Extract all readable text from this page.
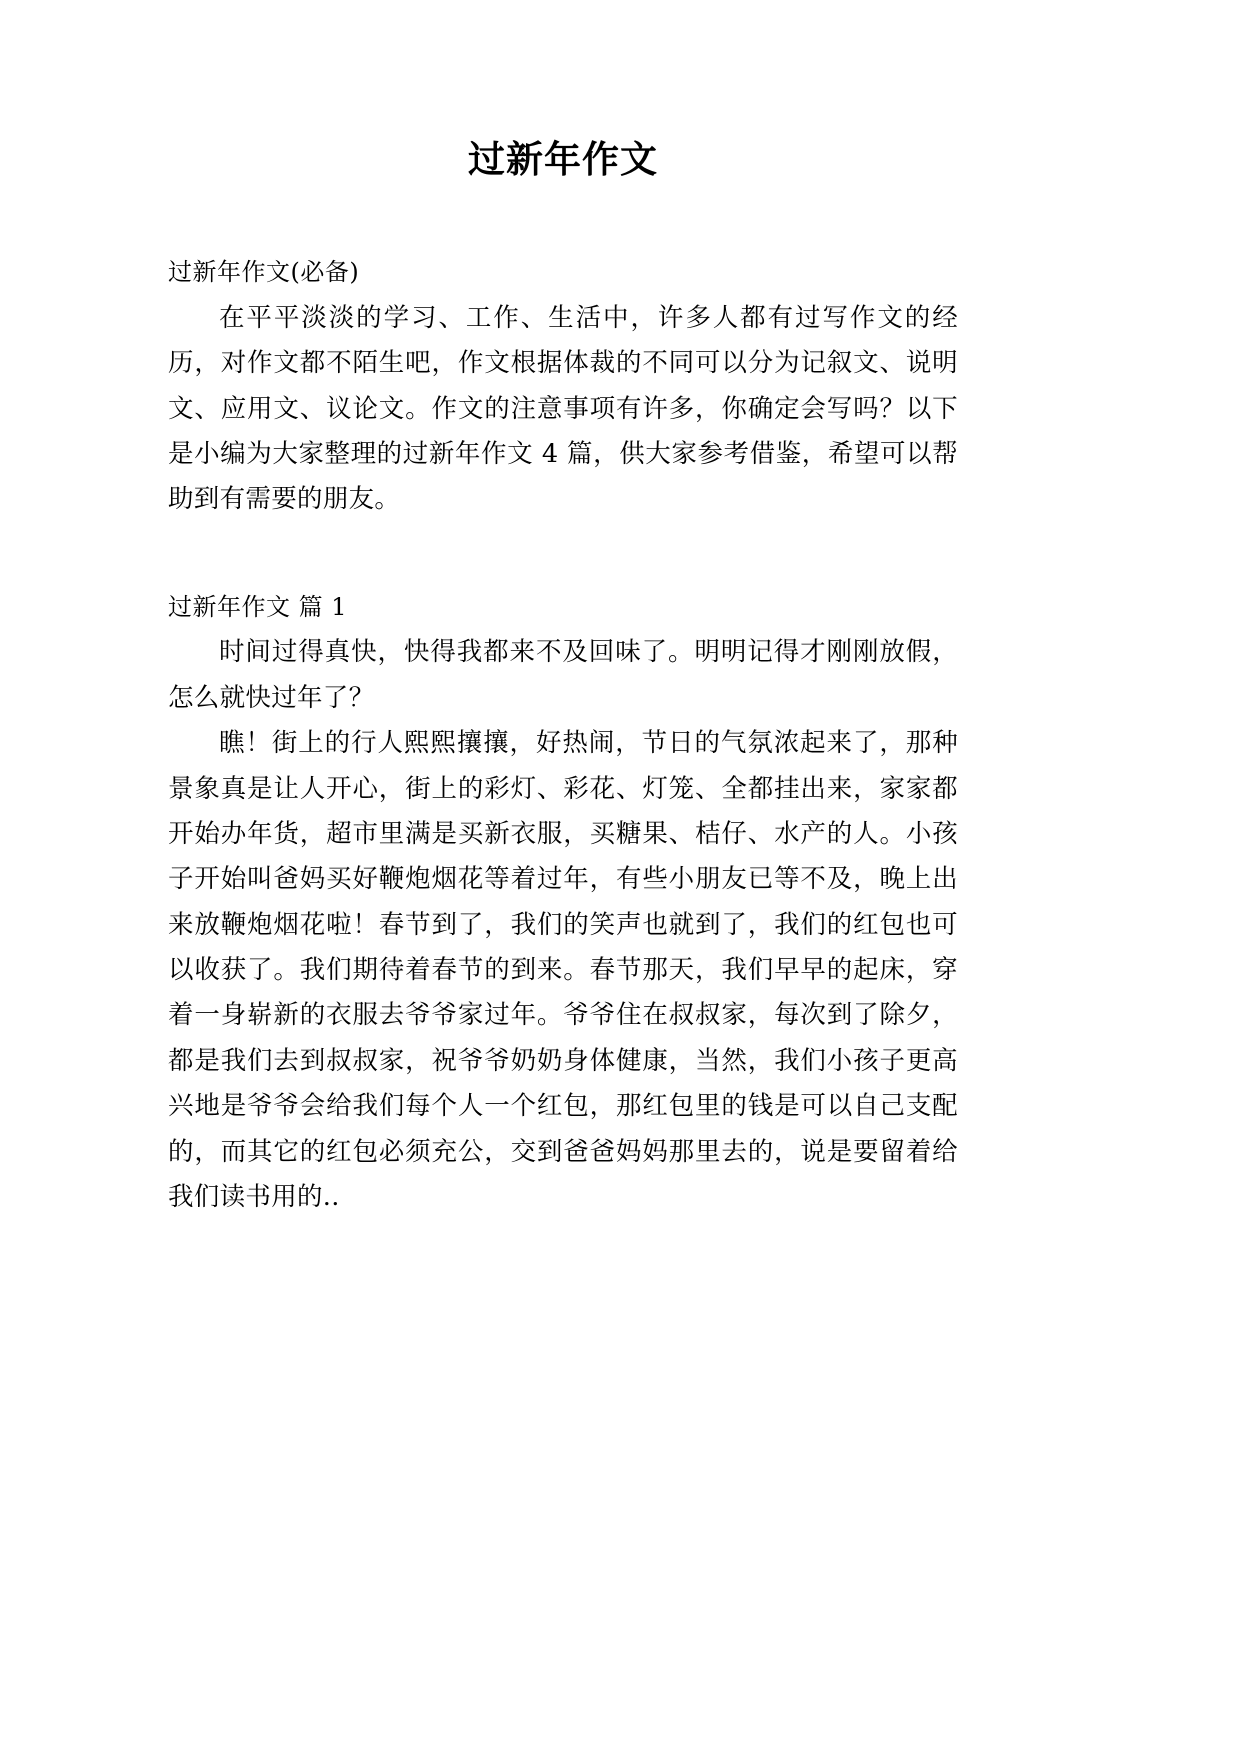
过新年作文

过新年作文(必备)

在平平淡淡的学习、工作、生活中，许多人都有过写作文的经历，对作文都不陌生吧，作文根据体裁的不同可以分为记叙文、说明文、应用文、议论文。作文的注意事项有许多，你确定会写吗？以下是小编为大家整理的过新年作文 4 篇，供大家参考借鉴，希望可以帮助到有需要的朋友。

过新年作文 篇 1

时间过得真快，快得我都来不及回味了。明明记得才刚刚放假，怎么就快过年了？

瞧！街上的行人熙熙攘攘，好热闹，节日的气氛浓起来了，那种景象真是让人开心，街上的彩灯、彩花、灯笼、全都挂出来，家家都开始办年货，超市里满是买新衣服，买糖果、桔仔、水产的人。小孩子开始叫爸妈买好鞭炮烟花等着过年，有些小朋友已等不及，晚上出来放鞭炮烟花啦！春节到了，我们的笑声也就到了，我们的红包也可以收获了。我们期待着春节的到来。春节那天，我们早早的起床，穿着一身崭新的衣服去爷爷家过年。爷爷住在叔叔家，每次到了除夕，都是我们去到叔叔家，祝爷爷奶奶身体健康，当然，我们小孩子更高兴地是爷爷会给我们每个人一个红包，那红包里的钱是可以自己支配的，而其它的红包必须充公，交到爸爸妈妈那里去的，说是要留着给我们读书用的..
